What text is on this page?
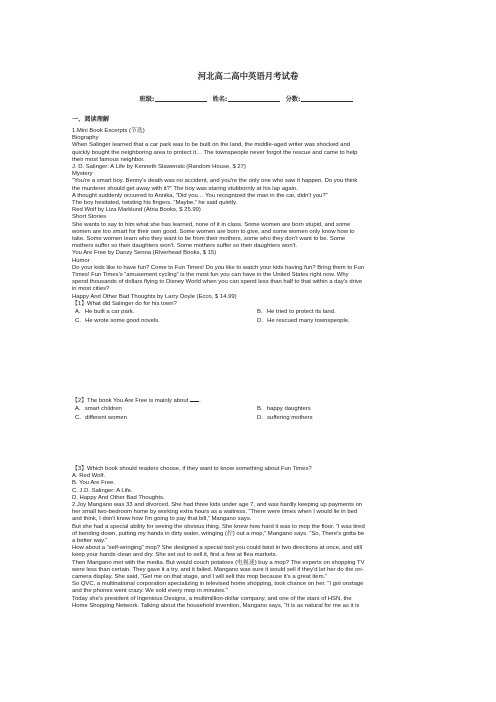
河北高二高中英语月考试卷
班级:	姓名:	分数:
一、阅读理解
1.Mini Book Excerpts (节选)
Biography
When Salinger learned that a car park was to be built on the land, the middle-aged writer was shocked and
quickly bought the neighboring area to protect it… The townspeople never forgot the rescue and came to help
their most famous neighbor.
J. D. Salinger: A Life by Kenneth Slawenski (Random House, $ 27)
Mystery
“You're a smart boy. Benny's death was no accident, and you're the only one who saw it happen. Do you think
the murderer should get away with it?” The boy was staring stubbornly at his lap again.
A thought suddenly occurred to Annika, “Did you… You recognized the man in the car, didn't you?”
The boy hesitated, twisting his fingers. “Maybe,” he said quietly.
Red Wolf by Liza Marklund (Atria Books, $ 25.99)
Short Stories
She wants to say to him what she has learned, none of it in class. Some women are born stupid, and some
women are too smart for their own good. Some women are born to give, and some women only know how to
take. Some women learn who they want to be from their mothers, some who they don't want to be. Some
mothers suffer so their daughters won't. Some mothers suffer so their daughters won't.
You Are Free by Danzy Senna (Riverhead Books, $ 15)
Humor
Do your kids like to have fun? Come to Fun Times! Do you like to watch your kids having fun? Bring them to Fun
Times! Fun Times's “amusement cycling” is the most fun you can have in the United States right now. Why
spend thousands of dollars flying to Disney World when you can spend less than half to that within a day's drive
in most cities?
Happy And Other Bad Thoughts by Larry Doyle (Ecco, $ 14.99)
【1】What did Salinger do for his town?
A．He built a car park.	B．He tried to protect its land.
C．He wrote some good novels.	D．He rescued many townspeople.
【2】The book You Are Free is mainly about .
A．smart children	B．happy daughters
C．different women	D．suffering mothers
【3】Which book should readers choose, if they want to know something about Fun Times?
A. Red Wolf.
B. You Are Free.
C. J.D. Salinger: A Life.
D. Happy And Other Bad Thoughts.
2.Joy Mangano was 33 and divorced. She had three kids under age 7, and was hardly keeping up payments on
her small two-bedroom home by working extra hours as a waitress. “There were times when I would lie in bed
and think, I don't know how I'm going to pay that bill,” Mangano says.
But she had a special ability for seeing the obvious thing. She knew how hard it was to mop the floor. “I was tired
of bending down, putting my hands in dirty water, wringing (拧) out a mop,” Mangano says. “So, There's gotta be
a better way.”
How about a “self-wringing” mop? She designed a special tool you could twist in two directions at once, and still
keep your hands clean and dry. She set out to sell it, first a few at flea markets.
Then Mangano met with the media. But would couch potatoes (电视迷) buy a mop? The experts on shopping TV
were less than certain. They gave it a try, and it failed. Mangano was sure it would sell if they'd let her do the on-
camera display. She said, “Get me on that stage, and I will sell this mop because it's a great item.”
So QVC, a multinational corporation specializing in televised home shopping, took chance on her. “I got onstage
and the phones went crazy. We sold every mop in minutes.”
Today she's president of Ingenious Designs, a multimillion-dollar company, and one of the stars of HSN, the
Home Shopping Network. Talking about the household invention, Mangano says, “It is as natural for me as it is
